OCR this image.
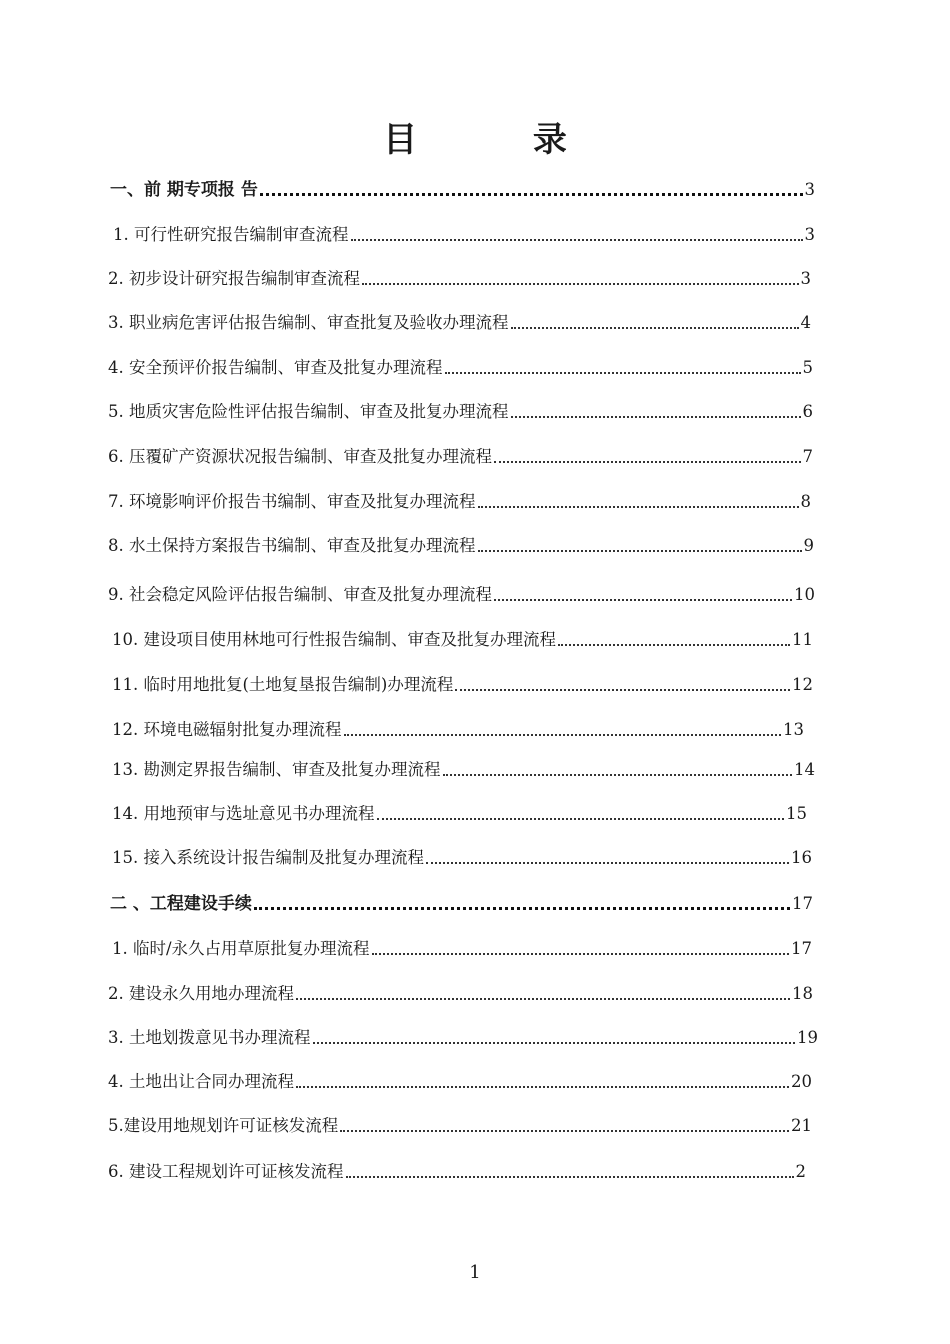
目 录
一、前 期专项报 告	3
1. 可行性研究报告编制审查流程	3
2. 初步设计研究报告编制审查流程	3
3. 职业病危害评估报告编制、审查批复及验收办理流程	4
4. 安全预评价报告编制、审查及批复办理流程	5
5. 地质灾害危险性评估报告编制、审查及批复办理流程	6
6. 压覆矿产资源状况报告编制、审查及批复办理流程	7
7. 环境影响评价报告书编制、审查及批复办理流程	8
8. 水土保持方案报告书编制、审查及批复办理流程	9
9. 社会稳定风险评估报告编制、审查及批复办理流程	10
10. 建设项目使用林地可行性报告编制、审查及批复办理流程	11
11. 临时用地批复(土地复垦报告编制)办理流程	12
12. 环境电磁辐射批复办理流程	13
13. 勘测定界报告编制、审查及批复办理流程	14
14. 用地预审与选址意见书办理流程	15
15. 接入系统设计报告编制及批复办理流程	16
二 、工程建设手续	17
1. 临时/永久占用草原批复办理流程	17
2. 建设永久用地办理流程	18
3. 土地划拨意见书办理流程	19
4. 土地出让合同办理流程	20
5.建设用地规划许可证核发流程	21
6. 建设工程规划许可证核发流程	2
1
